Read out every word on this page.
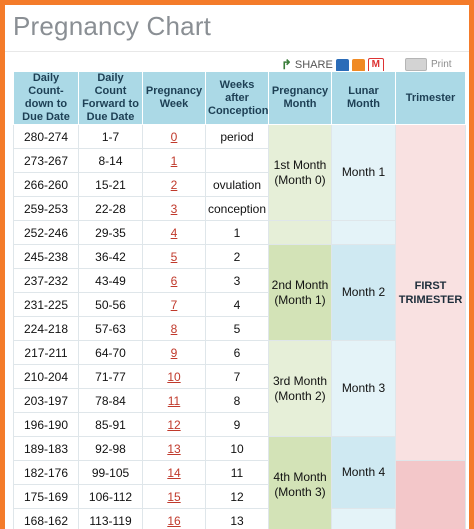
Pregnancy Chart
↱ SHARE	M	Print
Daily Count-down to Due Date	Daily Count Forward to Due Date	Pregnancy Week	Weeks after Conception	Pregnancy Month	Lunar Month	Trimester
280-274	1-7	0	period	1st Month (Month 0)	Month 1	FIRST TRIMESTER
273-267	8-14	1				
266-260	15-21	2	ovulation			
259-253	22-28	3	conception			
252-246	29-35	4	1			
245-238	36-42	5	2	2nd Month (Month 1)	Month 2	
237-232	43-49	6	3			
231-225	50-56	7	4			
224-218	57-63	8	5			
217-211	64-70	9	6	3rd Month (Month 2)	Month 3	
210-204	71-77	10	7			
203-197	78-84	11	8			
196-190	85-91	12	9			
189-183	92-98	13	10	4th Month (Month 3)	Month 4	
182-176	99-105	14	11			
175-169	106-112	15	12			
168-162	113-119	16	13			
